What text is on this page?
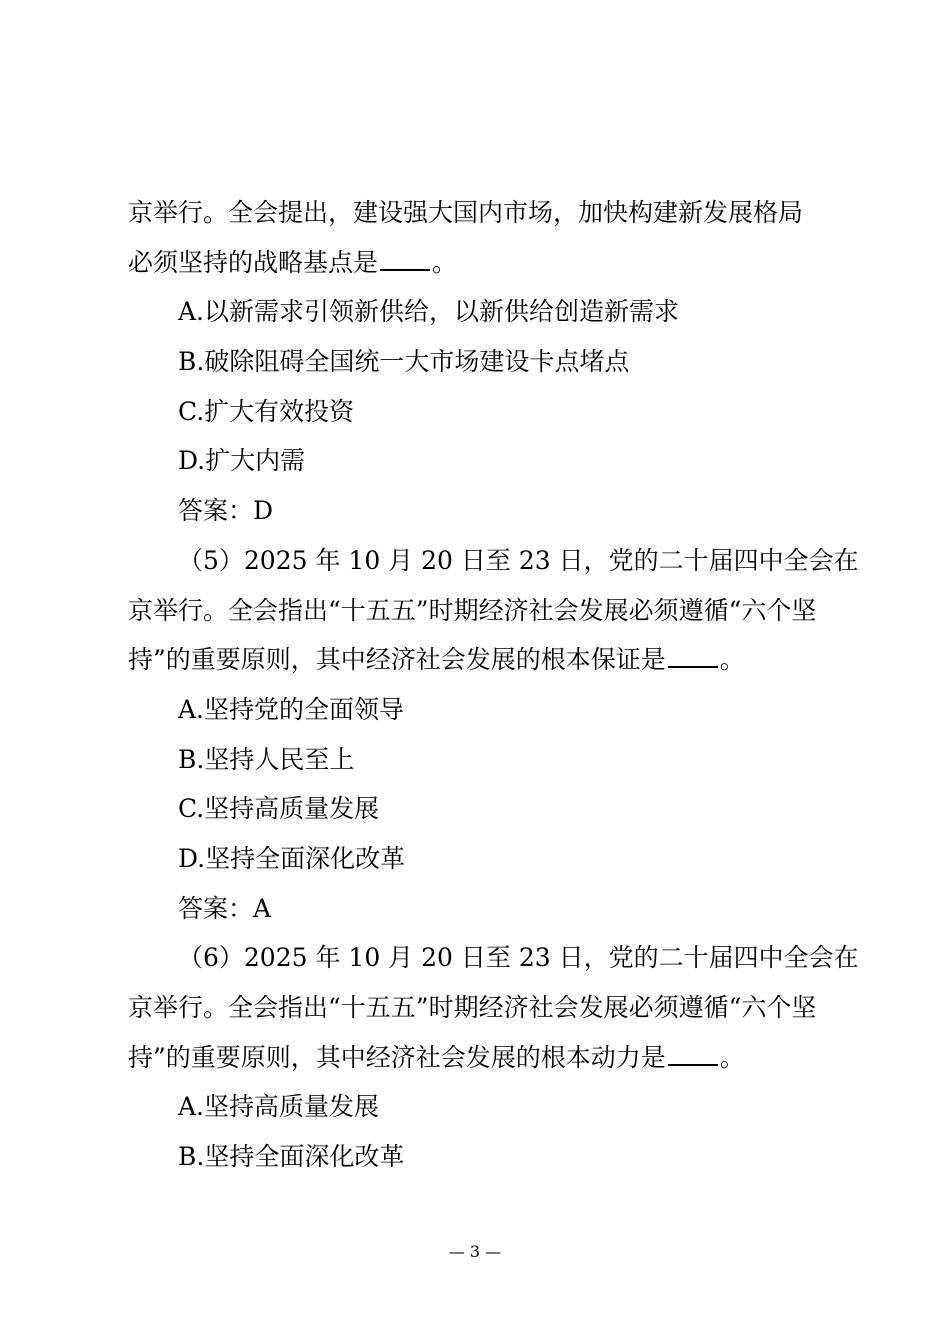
京举行。全会提出，建设强大国内市场，加快构建新发展格局
必须坚持的战略基点是 。
A.以新需求引领新供给，以新供给创造新需求
B.破除阻碍全国统一大市场建设卡点堵点
C.扩大有效投资
D.扩大内需
答案：D
（5）2025 年 10 月 20 日至 23 日，党的二十届四中全会在
京举行。全会指出“十五五”时期经济社会发展必须遵循“六个坚
持”的重要原则，其中经济社会发展的根本保证是 。
A.坚持党的全面领导
B.坚持人民至上
C.坚持高质量发展
D.坚持全面深化改革
答案：A
（6）2025 年 10 月 20 日至 23 日，党的二十届四中全会在
京举行。全会指出“十五五”时期经济社会发展必须遵循“六个坚
持”的重要原则，其中经济社会发展的根本动力是 。
A.坚持高质量发展
B.坚持全面深化改革
— 3 —
